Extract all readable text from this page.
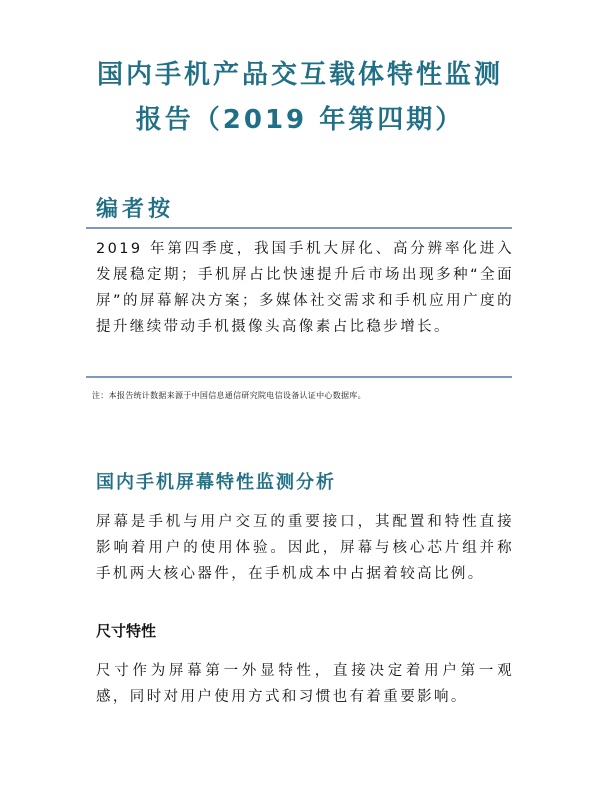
国内手机产品交互载体特性监测
报告（2019 年第四期）
编者按
2019 年第四季度，我国手机大屏化、高分辨率化进入发展稳定期；手机屏占比快速提升后市场出现多种“全面屏”的屏幕解决方案；多媒体社交需求和手机应用广度的提升继续带动手机摄像头高像素占比稳步增长。
注：本报告统计数据来源于中国信息通信研究院电信设备认证中心数据库。
国内手机屏幕特性监测分析
屏幕是手机与用户交互的重要接口，其配置和特性直接影响着用户的使用体验。因此，屏幕与核心芯片组并称手机两大核心器件，在手机成本中占据着较高比例。
尺寸特性
尺寸作为屏幕第一外显特性，直接决定着用户第一观感，同时对用户使用方式和习惯也有着重要影响。
